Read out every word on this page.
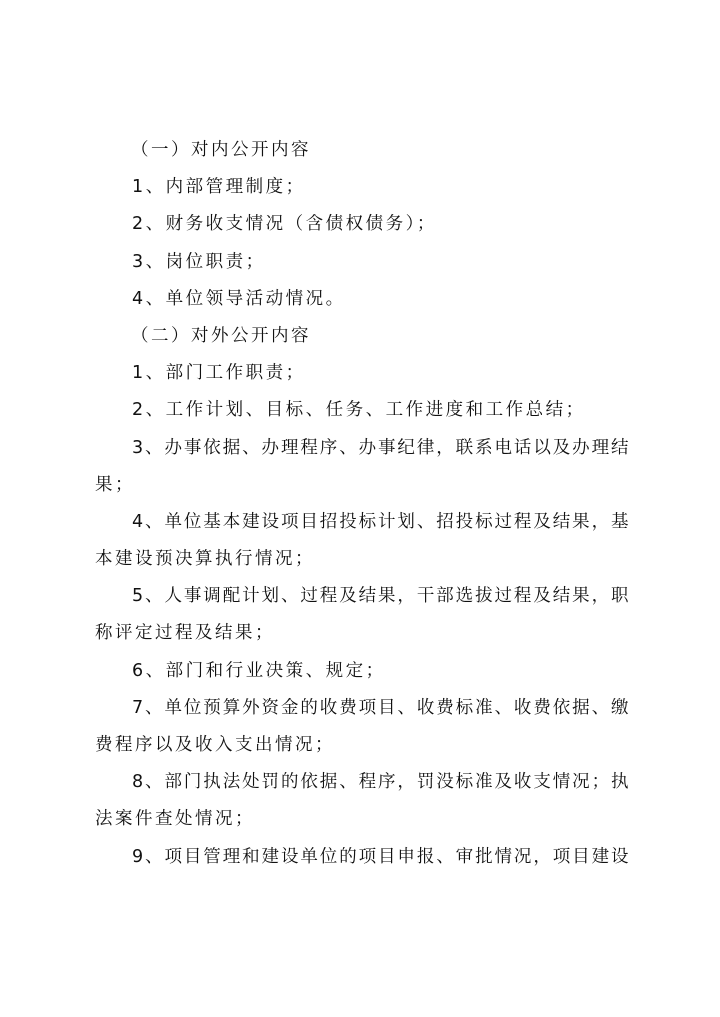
（一）对内公开内容
1、内部管理制度；
2、财务收支情况（含债权债务）；
3、岗位职责；
4、单位领导活动情况。
（二）对外公开内容
1、部门工作职责；
2、工作计划、目标、任务、工作进度和工作总结；
3、办事依据、办理程序、办事纪律，联系电话以及办理结
果；
4、单位基本建设项目招投标计划、招投标过程及结果，基
本建设预决算执行情况；
5、人事调配计划、过程及结果，干部选拔过程及结果，职
称评定过程及结果；
6、部门和行业决策、规定；
7、单位预算外资金的收费项目、收费标准、收费依据、缴
费程序以及收入支出情况；
8、部门执法处罚的依据、程序，罚没标准及收支情况；执
法案件查处情况；
9、项目管理和建设单位的项目申报、审批情况，项目建设
